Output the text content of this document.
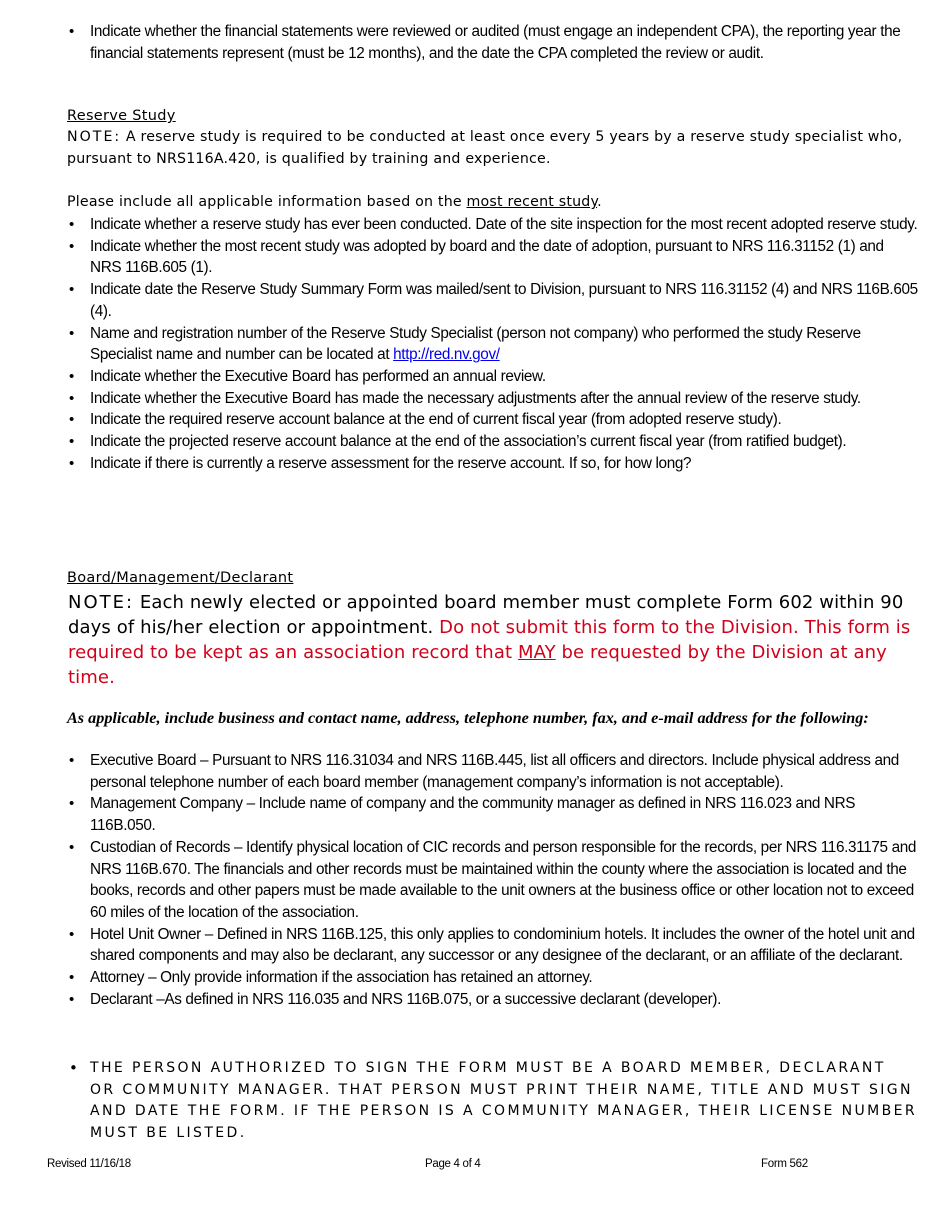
• Indicate whether the financial statements were reviewed or audited (must engage an independent CPA), the reporting year the financial statements represent (must be 12 months), and the date the CPA completed the review or audit.
Reserve Study
NOTE: A reserve study is required to be conducted at least once every 5 years by a reserve study specialist who, pursuant to NRS116A.420, is qualified by training and experience.
Please include all applicable information based on the most recent study.
• Indicate whether a reserve study has ever been conducted. Date of the site inspection for the most recent adopted reserve study.
• Indicate whether the most recent study was adopted by board and the date of adoption, pursuant to NRS 116.31152 (1) and NRS 116B.605 (1).
• Indicate date the Reserve Study Summary Form was mailed/sent to Division, pursuant to NRS 116.31152 (4) and NRS 116B.605 (4).
• Name and registration number of the Reserve Study Specialist (person not company) who performed the study Reserve Specialist name and number can be located at http://red.nv.gov/
• Indicate whether the Executive Board has performed an annual review.
• Indicate whether the Executive Board has made the necessary adjustments after the annual review of the reserve study.
• Indicate the required reserve account balance at the end of current fiscal year (from adopted reserve study).
• Indicate the projected reserve account balance at the end of the association’s current fiscal year (from ratified budget).
• Indicate if there is currently a reserve assessment for the reserve account. If so, for how long?
Board/Management/Declarant
NOTE: Each newly elected or appointed board member must complete Form 602 within 90 days of his/her election or appointment. Do not submit this form to the Division. This form is required to be kept as an association record that MAY be requested by the Division at any time.
As applicable, include business and contact name, address, telephone number, fax, and e-mail address for the following:
• Executive Board – Pursuant to NRS 116.31034 and NRS 116B.445, list all officers and directors. Include physical address and personal telephone number of each board member (management company’s information is not acceptable).
• Management Company – Include name of company and the community manager as defined in NRS 116.023 and NRS 116B.050.
• Custodian of Records – Identify physical location of CIC records and person responsible for the records, per NRS 116.31175 and NRS 116B.670. The financials and other records must be maintained within the county where the association is located and the books, records and other papers must be made available to the unit owners at the business office or other location not to exceed 60 miles of the location of the association.
• Hotel Unit Owner – Defined in NRS 116B.125, this only applies to condominium hotels. It includes the owner of the hotel unit and shared components and may also be declarant, any successor or any designee of the declarant, or an affiliate of the declarant.
• Attorney – Only provide information if the association has retained an attorney.
• Declarant –As defined in NRS 116.035 and NRS 116B.075, or a successive declarant (developer).
• THE PERSON AUTHORIZED TO SIGN THE FORM MUST BE A BOARD MEMBER, DECLARANT OR COMMUNITY MANAGER. THAT PERSON MUST PRINT THEIR NAME, TITLE AND MUST SIGN AND DATE THE FORM. IF THE PERSON IS A COMMUNITY MANAGER, THEIR LICENSE NUMBER MUST BE LISTED.
Revised 11/16/18	Page 4 of 4	Form 562
